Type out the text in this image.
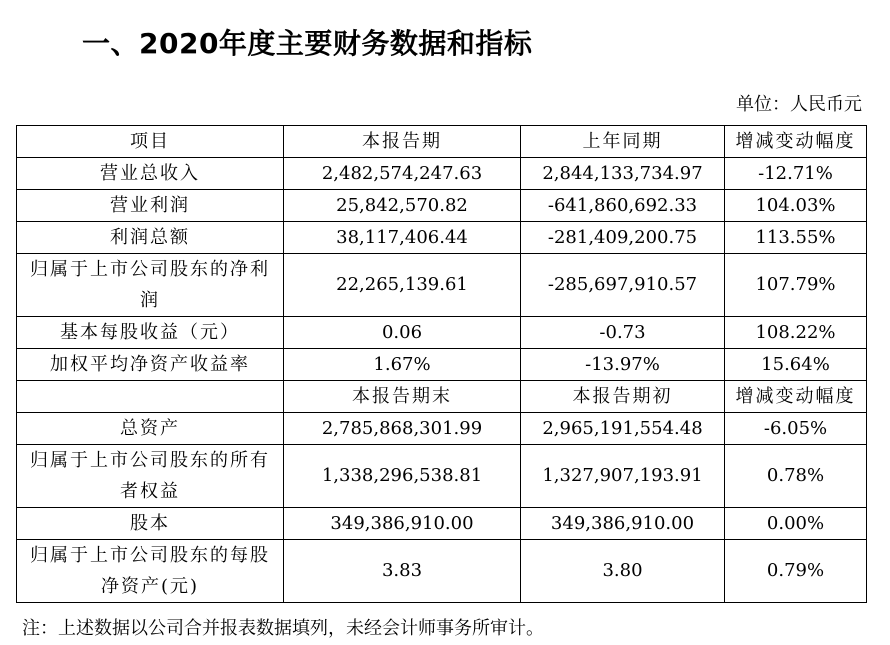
一、2020年度主要财务数据和指标
单位：人民币元
项目	本报告期	上年同期	增减变动幅度
营业总收入	2,482,574,247.63	2,844,133,734.97	-12.71%
营业利润	25,842,570.82	-641,860,692.33	104.03%
利润总额	38,117,406.44	-281,409,200.75	113.55%
归属于上市公司股东的净利润	22,265,139.61	-285,697,910.57	107.79%
基本每股收益（元）	0.06	-0.73	108.22%
加权平均净资产收益率	1.67%	-13.97%	15.64%
	本报告期末	本报告期初	增减变动幅度
总资产	2,785,868,301.99	2,965,191,554.48	-6.05%
归属于上市公司股东的所有者权益	1,338,296,538.81	1,327,907,193.91	0.78%
股本	349,386,910.00	349,386,910.00	0.00%
归属于上市公司股东的每股净资产(元)	3.83	3.80	0.79%
注：上述数据以公司合并报表数据填列，未经会计师事务所审计。
